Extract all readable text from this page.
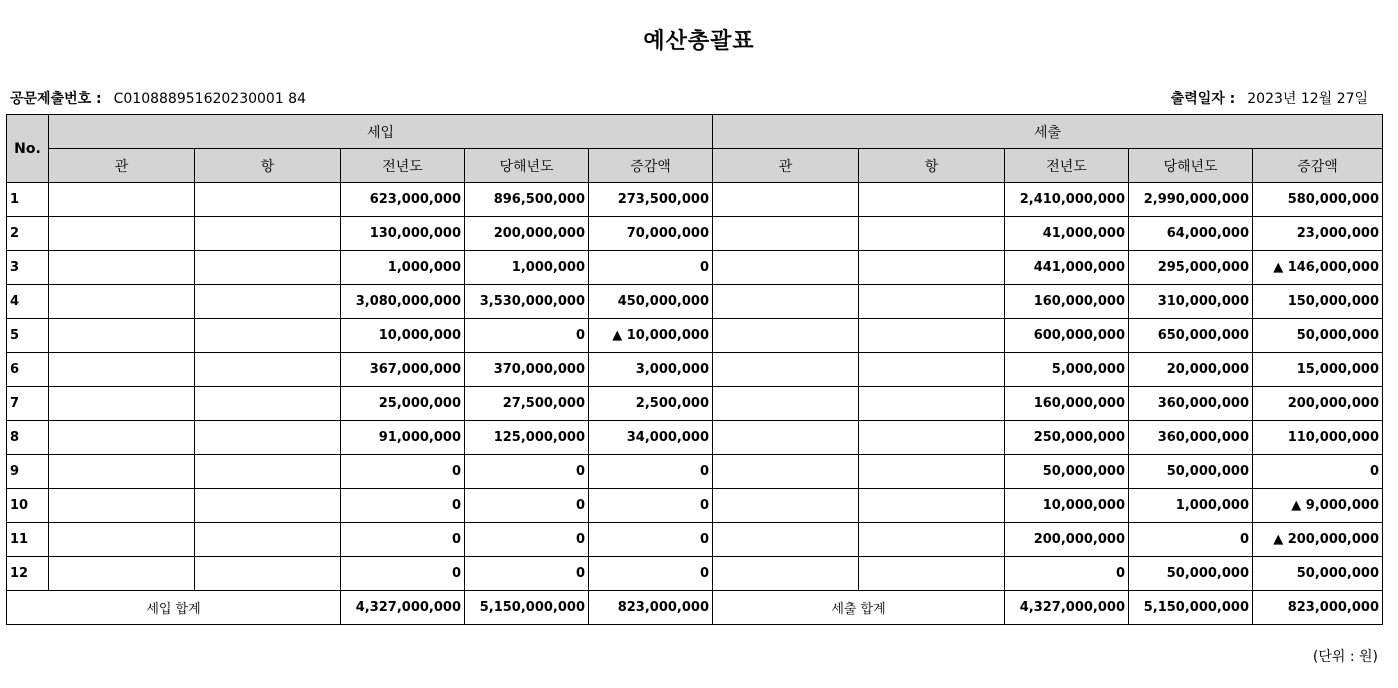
예산총괄표
공문제출번호 : C010888951620230001 84	출력일자 : 2023년 12월 27일
No.	세입					세출				
	관	항	전년도	당해년도	증감액	관	항	전년도	당해년도	증감액
1			623,000,000	896,500,000	273,500,000			2,410,000,000	2,990,000,000	580,000,000
2			130,000,000	200,000,000	70,000,000			41,000,000	64,000,000	23,000,000
3			1,000,000	1,000,000	0			441,000,000	295,000,000	▲ 146,000,000
4			3,080,000,000	3,530,000,000	450,000,000			160,000,000	310,000,000	150,000,000
5			10,000,000	0	▲ 10,000,000			600,000,000	650,000,000	50,000,000
6			367,000,000	370,000,000	3,000,000			5,000,000	20,000,000	15,000,000
7			25,000,000	27,500,000	2,500,000			160,000,000	360,000,000	200,000,000
8			91,000,000	125,000,000	34,000,000			250,000,000	360,000,000	110,000,000
9			0	0	0			50,000,000	50,000,000	0
10			0	0	0			10,000,000	1,000,000	▲ 9,000,000
11			0	0	0			200,000,000	0	▲ 200,000,000
12			0	0	0			0	50,000,000	50,000,000
세입 합계			4,327,000,000	5,150,000,000	823,000,000	세출 합계		4,327,000,000	5,150,000,000	823,000,000
(단위 : 원)
